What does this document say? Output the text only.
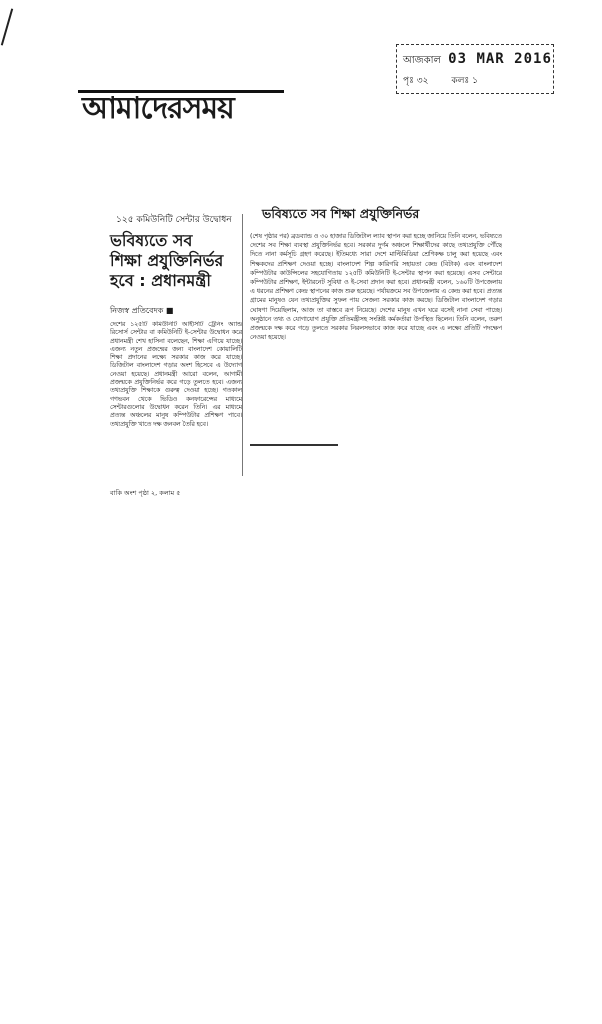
আজকাল 03 MAR 2016
পৃঃ ৩২	কলঃ ১
আমাদেরসময়
১২৫ কমিউনিটি সেন্টার উদ্বোধন
ভবিষ্যতে সব
শিক্ষা প্রযুক্তিনির্ভর
হবে : প্রধানমন্ত্রী
নিজস্ব প্রতিবেদক ■
দেশের ১২৫টি কমিউনিটি আইসিটি ট্রেনিং অ্যান্ড রিসোর্স সেন্টার বা কমিউনিটি ই-সেন্টার উদ্বোধন করে প্রধানমন্ত্রী শেখ হাসিনা বলেছেন, শিক্ষা এগিয়ে যাচ্ছে। এজন্য নতুন প্রজন্মের জন্য বাংলাদেশ কোয়ালিটি শিক্ষা প্রদানের লক্ষ্যে সরকার কাজ করে যাচ্ছে। ডিজিটাল বাংলাদেশ গড়ার অংশ হিসেবে এ উদ্যোগ নেওয়া হয়েছে। প্রধানমন্ত্রী আরো বলেন, আগামী প্রজন্মকে প্রযুক্তিনির্ভর করে গড়ে তুলতে হবে। এজন্য তথ্যপ্রযুক্তি শিক্ষাকে গুরুত্ব দেওয়া হচ্ছে। গতকাল গণভবন থেকে ভিডিও কনফারেন্সের মাধ্যমে সেন্টারগুলোর উদ্বোধন করেন তিনি। এর মাধ্যমে প্রত্যন্ত অঞ্চলের মানুষ কম্পিউটার প্রশিক্ষণ পাবে। তথ্যপ্রযুক্তি খাতে দক্ষ জনবল তৈরি হবে।
বাকি অংশ পৃষ্ঠা ২, কলাম ৫
ভবিষ্যতে সব শিক্ষা প্রযুক্তিনির্ভর
(শেষ পৃষ্ঠার পর) ব্রডব্যান্ড ও ৩০ হাজার ডিজিটাল ল্যাব স্থাপন করা হচ্ছে জানিয়ে তিনি বলেন, ভবিষ্যতে দেশের সব শিক্ষা ব্যবস্থা প্রযুক্তিনির্ভর হবে। সরকার দুর্গম অঞ্চলে শিক্ষার্থীদের কাছে তথ্যপ্রযুক্তি পৌঁছে দিতে নানা কর্মসূচি গ্রহণ করেছে। ইতিমধ্যে সারা দেশে মাল্টিমিডিয়া শ্রেণিকক্ষ চালু করা হয়েছে এবং শিক্ষকদের প্রশিক্ষণ দেওয়া হচ্ছে। বাংলাদেশ শিল্প কারিগরি সহায়তা কেন্দ্র (বিটাক) এবং বাংলাদেশ কম্পিউটার কাউন্সিলের সহযোগিতায় ১২৫টি কমিউনিটি ই-সেন্টার স্থাপন করা হয়েছে। এসব সেন্টারে কম্পিউটার প্রশিক্ষণ, ইন্টারনেট সুবিধা ও ই-সেবা প্রদান করা হবে। প্রধানমন্ত্রী বলেন, ১৬০টি উপজেলায় এ ধরনের প্রশিক্ষণ কেন্দ্র স্থাপনের কাজ শুরু হয়েছে। পর্যায়ক্রমে সব উপজেলায় এ কেন্দ্র করা হবে। প্রত্যন্ত গ্রামের মানুষও যেন তথ্যপ্রযুক্তির সুফল পায় সেজন্য সরকার কাজ করছে। ডিজিটাল বাংলাদেশ গড়ার ঘোষণা দিয়েছিলাম, আজ তা বাস্তবে রূপ নিয়েছে। দেশের মানুষ এখন ঘরে বসেই নানা সেবা পাচ্ছে। অনুষ্ঠানে তথ্য ও যোগাযোগ প্রযুক্তি প্রতিমন্ত্রীসহ সংশ্লিষ্ট কর্মকর্তারা উপস্থিত ছিলেন। তিনি বলেন, তরুণ প্রজন্মকে দক্ষ করে গড়ে তুলতে সরকার নিরলসভাবে কাজ করে যাচ্ছে এবং এ লক্ষ্যে প্রতিটি পদক্ষেপ নেওয়া হয়েছে।
